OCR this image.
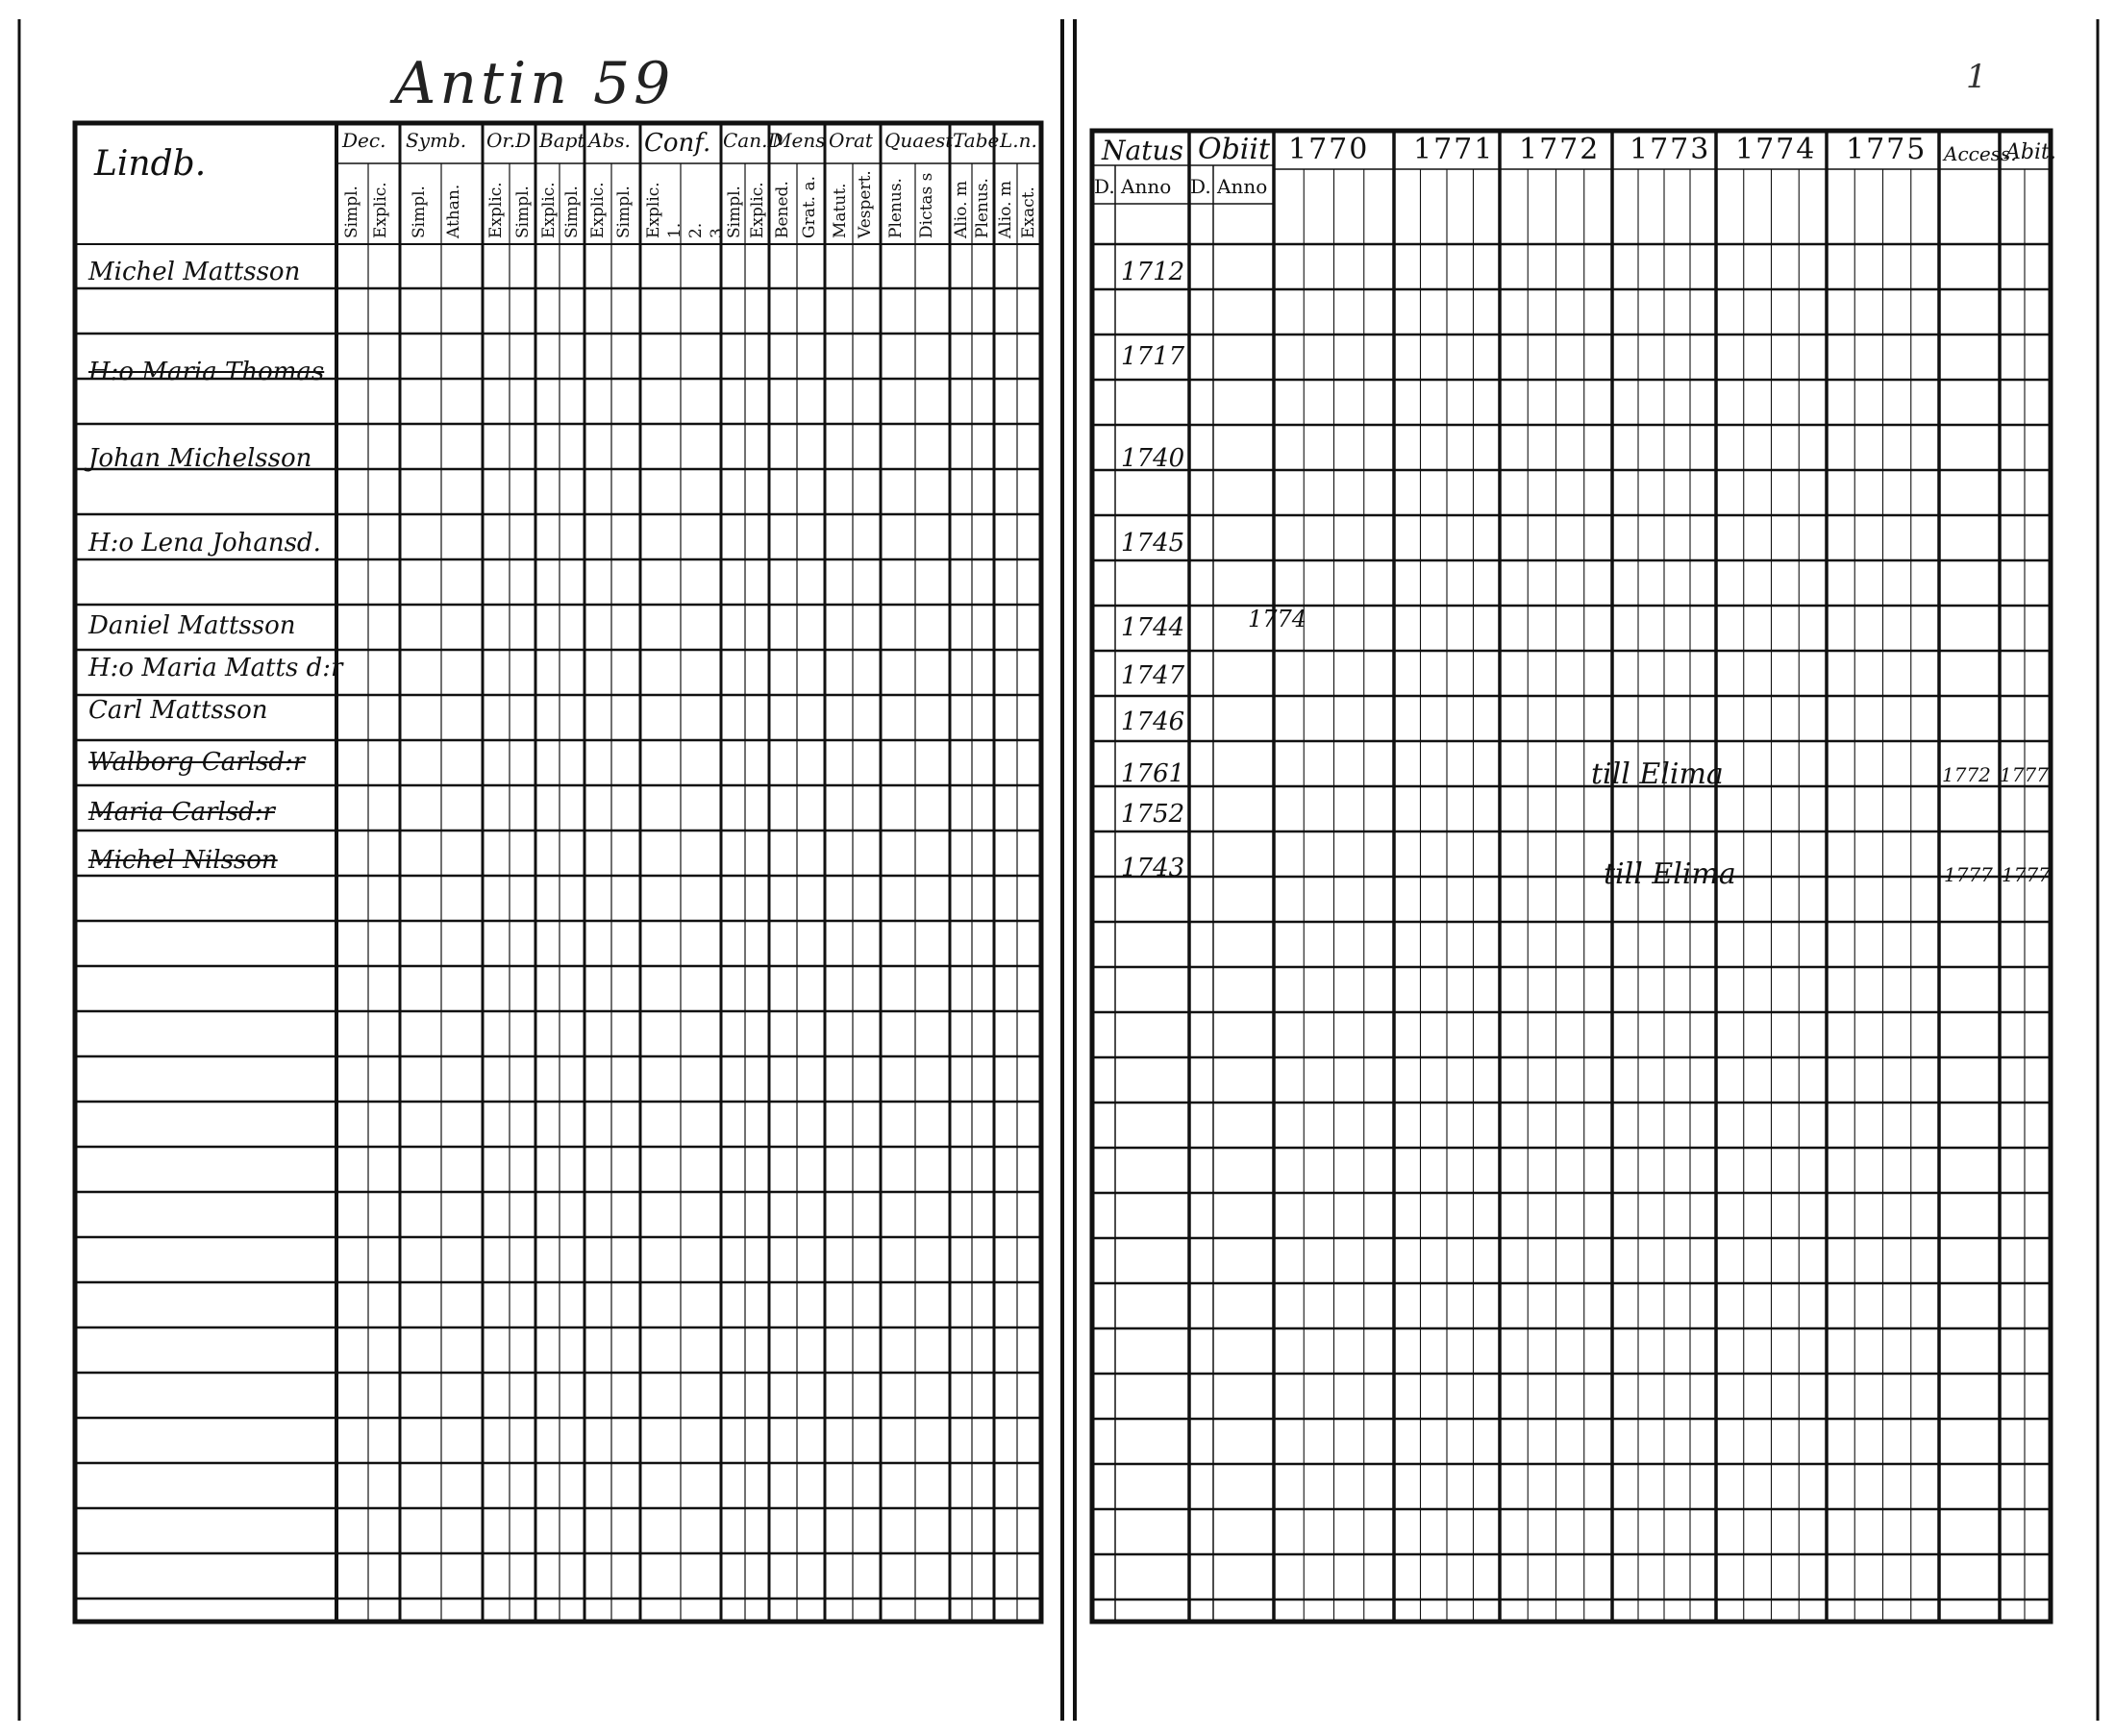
Antin 59	1
Lindb.
Dec. Symb. Or.D Bapt Abs. Conf. Can.D
Mens Orat Quaest.
Tabe L.n.
Simpl. Explic. Simpl. Athan. Explic. Simpl. Explic. Simpl. Explic. Simpl. Explic. 1. 2. 3.
Simpl. Explic. Bened. Grat. a. Matut. Vespert. Plenus. Dictas s Alio. m Plenus. Alio. m Exact.
Michel Mattsson
H:o Maria Thomas
Johan Michelsson
H:o Lena Johansd.
Daniel Mattsson
H:o Maria Matts d:r
Carl Mattsson
Walborg Carlsd:r
Maria Carlsd:r
Michel Nilsson
Natus Obiit
D. Anno D. Anno
1770 1771 1772 1773 1774 1775 Access.
Abit.
1712
1717
1740
1745
1744
1747
1746
1761
1752
1743
1774
till Elima
till Elima
1772 1777
1777 1777
